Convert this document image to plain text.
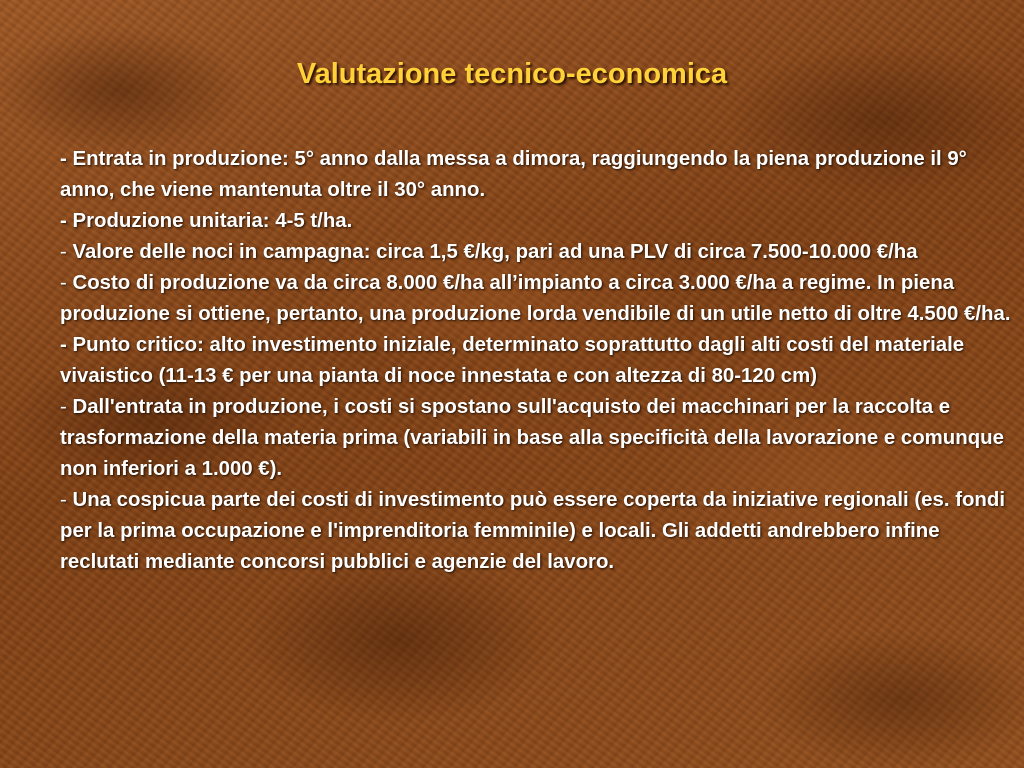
Valutazione tecnico-economica

- Entrata in produzione: 5° anno dalla messa a dimora, raggiungendo la piena produzione il 9° anno, che viene mantenuta oltre il 30° anno.

- Produzione unitaria: 4-5 t/ha.

- Valore delle noci in campagna: circa 1,5 €/kg, pari ad una PLV di circa 7.500-10.000 €/ha

- Costo di produzione va da circa 8.000 €/ha all’impianto a circa 3.000 €/ha a regime. In piena produzione si ottiene, pertanto, una produzione lorda vendibile di un utile netto di oltre 4.500 €/ha.

- Punto critico: alto investimento iniziale, determinato soprattutto dagli alti costi del materiale vivaistico (11-13 € per una pianta di noce innestata e con altezza di 80-120 cm)

- Dall'entrata in produzione, i costi si spostano sull'acquisto dei macchinari per la raccolta e trasformazione della materia prima (variabili in base alla specificità della lavorazione e comunque non inferiori a 1.000 €).

- Una cospicua parte dei costi di investimento può essere coperta da iniziative regionali (es. fondi per la prima occupazione e l'imprenditoria femminile) e locali. Gli addetti andrebbero infine reclutati mediante concorsi pubblici e agenzie del lavoro.
